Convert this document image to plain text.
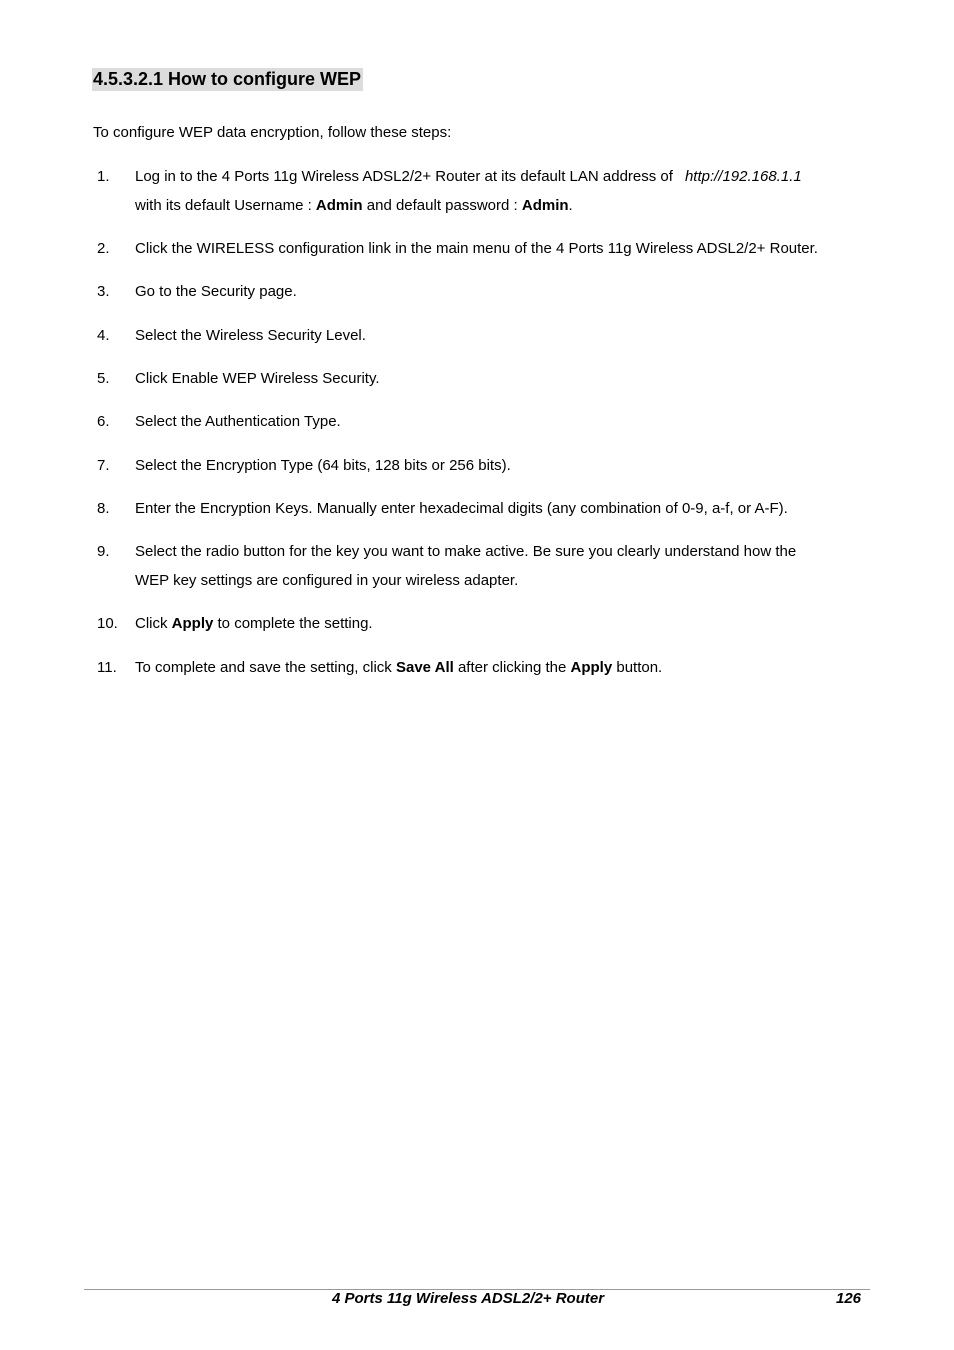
4.5.3.2.1 How to configure WEP
To configure WEP data encryption, follow these steps:
1. Log in to the 4 Ports 11g Wireless ADSL2/2+ Router at its default LAN address of http://192.168.1.1
with its default Username : Admin and default password : Admin.
2. Click the WIRELESS configuration link in the main menu of the 4 Ports 11g Wireless ADSL2/2+ Router.
3. Go to the Security page.
4. Select the Wireless Security Level.
5. Click Enable WEP Wireless Security.
6. Select the Authentication Type.
7. Select the Encryption Type (64 bits, 128 bits or 256 bits).
8. Enter the Encryption Keys. Manually enter hexadecimal digits (any combination of 0-9, a-f, or A-F).
9. Select the radio button for the key you want to make active. Be sure you clearly understand how the
WEP key settings are configured in your wireless adapter.
10. Click Apply to complete the setting.
11. To complete and save the setting, click Save All after clicking the Apply button.
4 Ports 11g Wireless ADSL2/2+ Router	126
